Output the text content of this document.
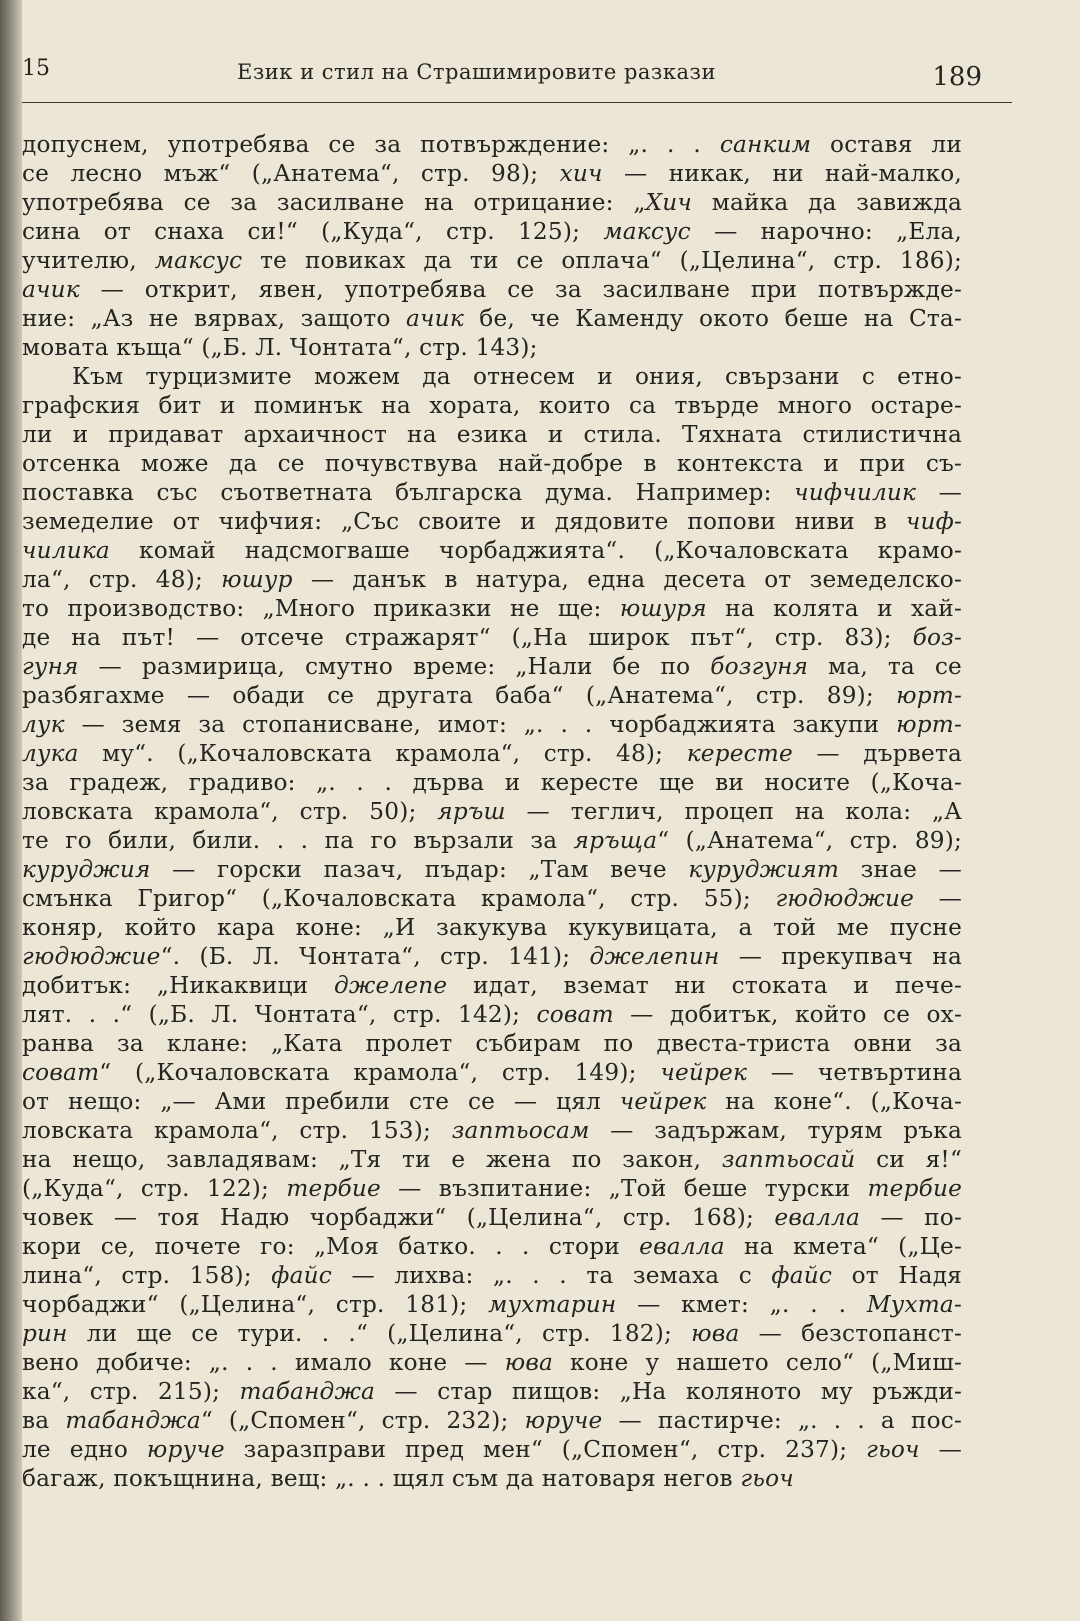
15	Език и стил на Страшимировите разкази	189

допуснем, употребява се за потвърждение: „. . . санким оставя ли

се лесно мъж“ („Анатема“, стр. 98); хич — никак, ни най-малко,

употребява се за засилване на отрицание: „Хич майка да завижда

сина от снаха си!“ („Куда“, стр. 125); максус — нарочно: „Ела,

учителю, максус те повиках да ти се оплача“ („Целина“, стр. 186);

ачик — открит, явен, употребява се за засилване при потвържде-

ние: „Аз не вярвах, защото ачик бе, че Каменду окото беше на Ста-

мовата къща“ („Б. Л. Чонтата“, стр. 143);

Към турцизмите можем да отнесем и ония, свързани с етно-

графския бит и поминък на хората, които са твърде много остаре-

ли и придават архаичност на езика и стила. Тяхната стилистична

отсенка може да се почувствува най-добре в контекста и при съ-

поставка със съответната българска дума. Например: чифчилик —

земеделие от чифчия: „Със своите и дядовите попови ниви в чиф-

чилика комай надсмогваше чорбаджията“. („Кочаловската крамо-

ла“, стр. 48); юшур — данък в натура, една десета от земеделско-

то производство: „Много приказки не ще: юшуря на колята и хай-

де на път! — отсече стражарят“ („На широк път“, стр. 83); боз-

гуня — размирица, смутно време: „Нали бе по бозгуня ма, та се

разбягахме — обади се другата баба“ („Анатема“, стр. 89); юрт-

лук — земя за стопанисване, имот: „. . . чорбаджията закупи юрт-

лука му“. („Кочаловската крамола“, стр. 48); кересте — дървета

за градеж, градиво: „. . . дърва и кересте ще ви носите („Коча-

ловската крамола“, стр. 50); яръш — теглич, процеп на кола: „А

те го били, били. . . па го вързали за яръща“ („Анатема“, стр. 89);

куруджия — горски пазач, пъдар: „Там вече куруджият знае —

смънка Григор“ („Кочаловската крамола“, стр. 55); гюдюджие —

коняр, който кара коне: „И закукува кукувицата, а той ме пусне

гюдюджие“. (Б. Л. Чонтата“, стр. 141); джелепин — прекупвач на

добитък: „Никаквици джелепе идат, вземат ни стоката и пече-

лят. . .“ („Б. Л. Чонтата“, стр. 142); соват — добитък, който се ох-

ранва за клане: „Ката пролет събирам по двеста-триста овни за

соват“ („Кочаловската крамола“, стр. 149); чейрек — четвъртина

от нещо: „— Ами пребили сте се — цял чейрек на коне“. („Коча-

ловската крамола“, стр. 153); заптьосам — задържам, турям ръка

на нещо, завладявам: „Тя ти е жена по закон, заптьосай си я!“

(„Куда“, стр. 122); тербие — възпитание: „Той беше турски тербие

човек — тоя Надю чорбаджи“ („Целина“, стр. 168); евалла — по-

кори се, почете го: „Моя батко. . . стори евалла на кмета“ („Це-

лина“, стр. 158); файс — лихва: „. . . та земаха с файс от Надя

чорбаджи“ („Целина“, стр. 181); мухтарин — кмет: „. . . Мухта-

рин ли ще се тури. . .“ („Целина“, стр. 182); юва — безстопанст-

вено добиче: „. . . имало коне — юва коне у нашето село“ („Миш-

ка“, стр. 215); табанджа — стар пищов: „На коляното му ръжди-

ва табанджа“ („Спомен“, стр. 232); юруче — пастирче: „. . . а пос-

ле едно юруче заразправи пред мен“ („Спомен“, стр. 237); гьоч —

багаж, покъщнина, вещ: „. . . щял съм да натоваря негов гьоч
